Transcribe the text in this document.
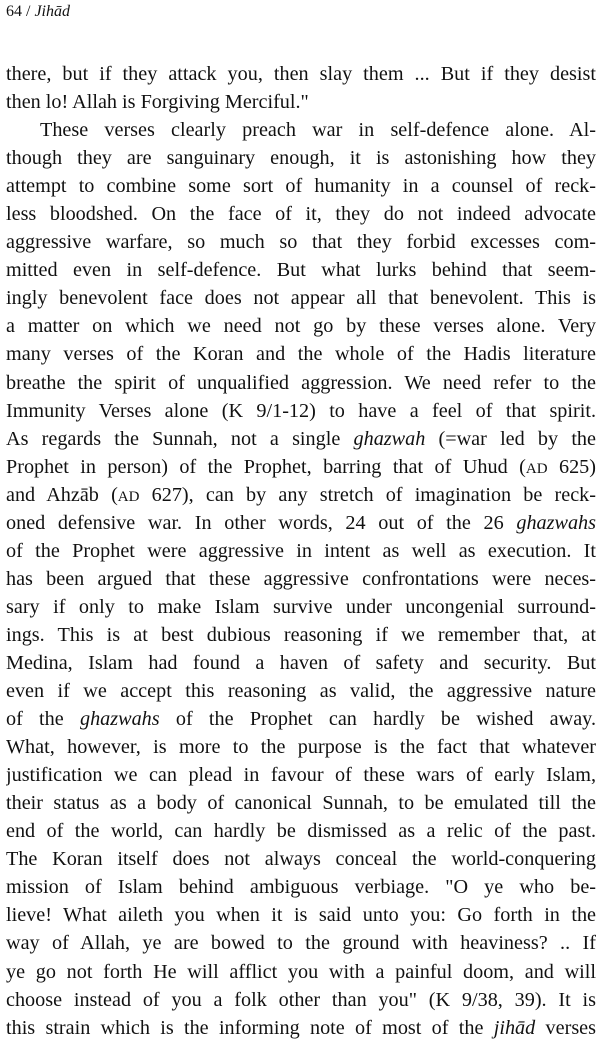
64 / Jihād
there, but if they attack you, then slay them ... But if they desist
then lo! Allah is Forgiving Merciful."
These verses clearly preach war in self-defence alone. Al-
though they are sanguinary enough, it is astonishing how they
attempt to combine some sort of humanity in a counsel of reck-
less bloodshed. On the face of it, they do not indeed advocate
aggressive warfare, so much so that they forbid excesses com-
mitted even in self-defence. But what lurks behind that seem-
ingly benevolent face does not appear all that benevolent. This is
a matter on which we need not go by these verses alone. Very
many verses of the Koran and the whole of the Hadis literature
breathe the spirit of unqualified aggression. We need refer to the
Immunity Verses alone (K 9/1-12) to have a feel of that spirit.
As regards the Sunnah, not a single ghazwah (=war led by the
Prophet in person) of the Prophet, barring that of Uhud (AD 625)
and Ahzāb (AD 627), can by any stretch of imagination be reck-
oned defensive war. In other words, 24 out of the 26 ghazwahs
of the Prophet were aggressive in intent as well as execution. It
has been argued that these aggressive confrontations were neces-
sary if only to make Islam survive under uncongenial surround-
ings. This is at best dubious reasoning if we remember that, at
Medina, Islam had found a haven of safety and security. But
even if we accept this reasoning as valid, the aggressive nature
of the ghazwahs of the Prophet can hardly be wished away.
What, however, is more to the purpose is the fact that whatever
justification we can plead in favour of these wars of early Islam,
their status as a body of canonical Sunnah, to be emulated till the
end of the world, can hardly be dismissed as a relic of the past.
The Koran itself does not always conceal the world-conquering
mission of Islam behind ambiguous verbiage. "O ye who be-
lieve! What aileth you when it is said unto you: Go forth in the
way of Allah, ye are bowed to the ground with heaviness? .. If
ye go not forth He will afflict you with a painful doom, and will
choose instead of you a folk other than you" (K 9/38, 39). It is
this strain which is the informing note of most of the jihād verses
